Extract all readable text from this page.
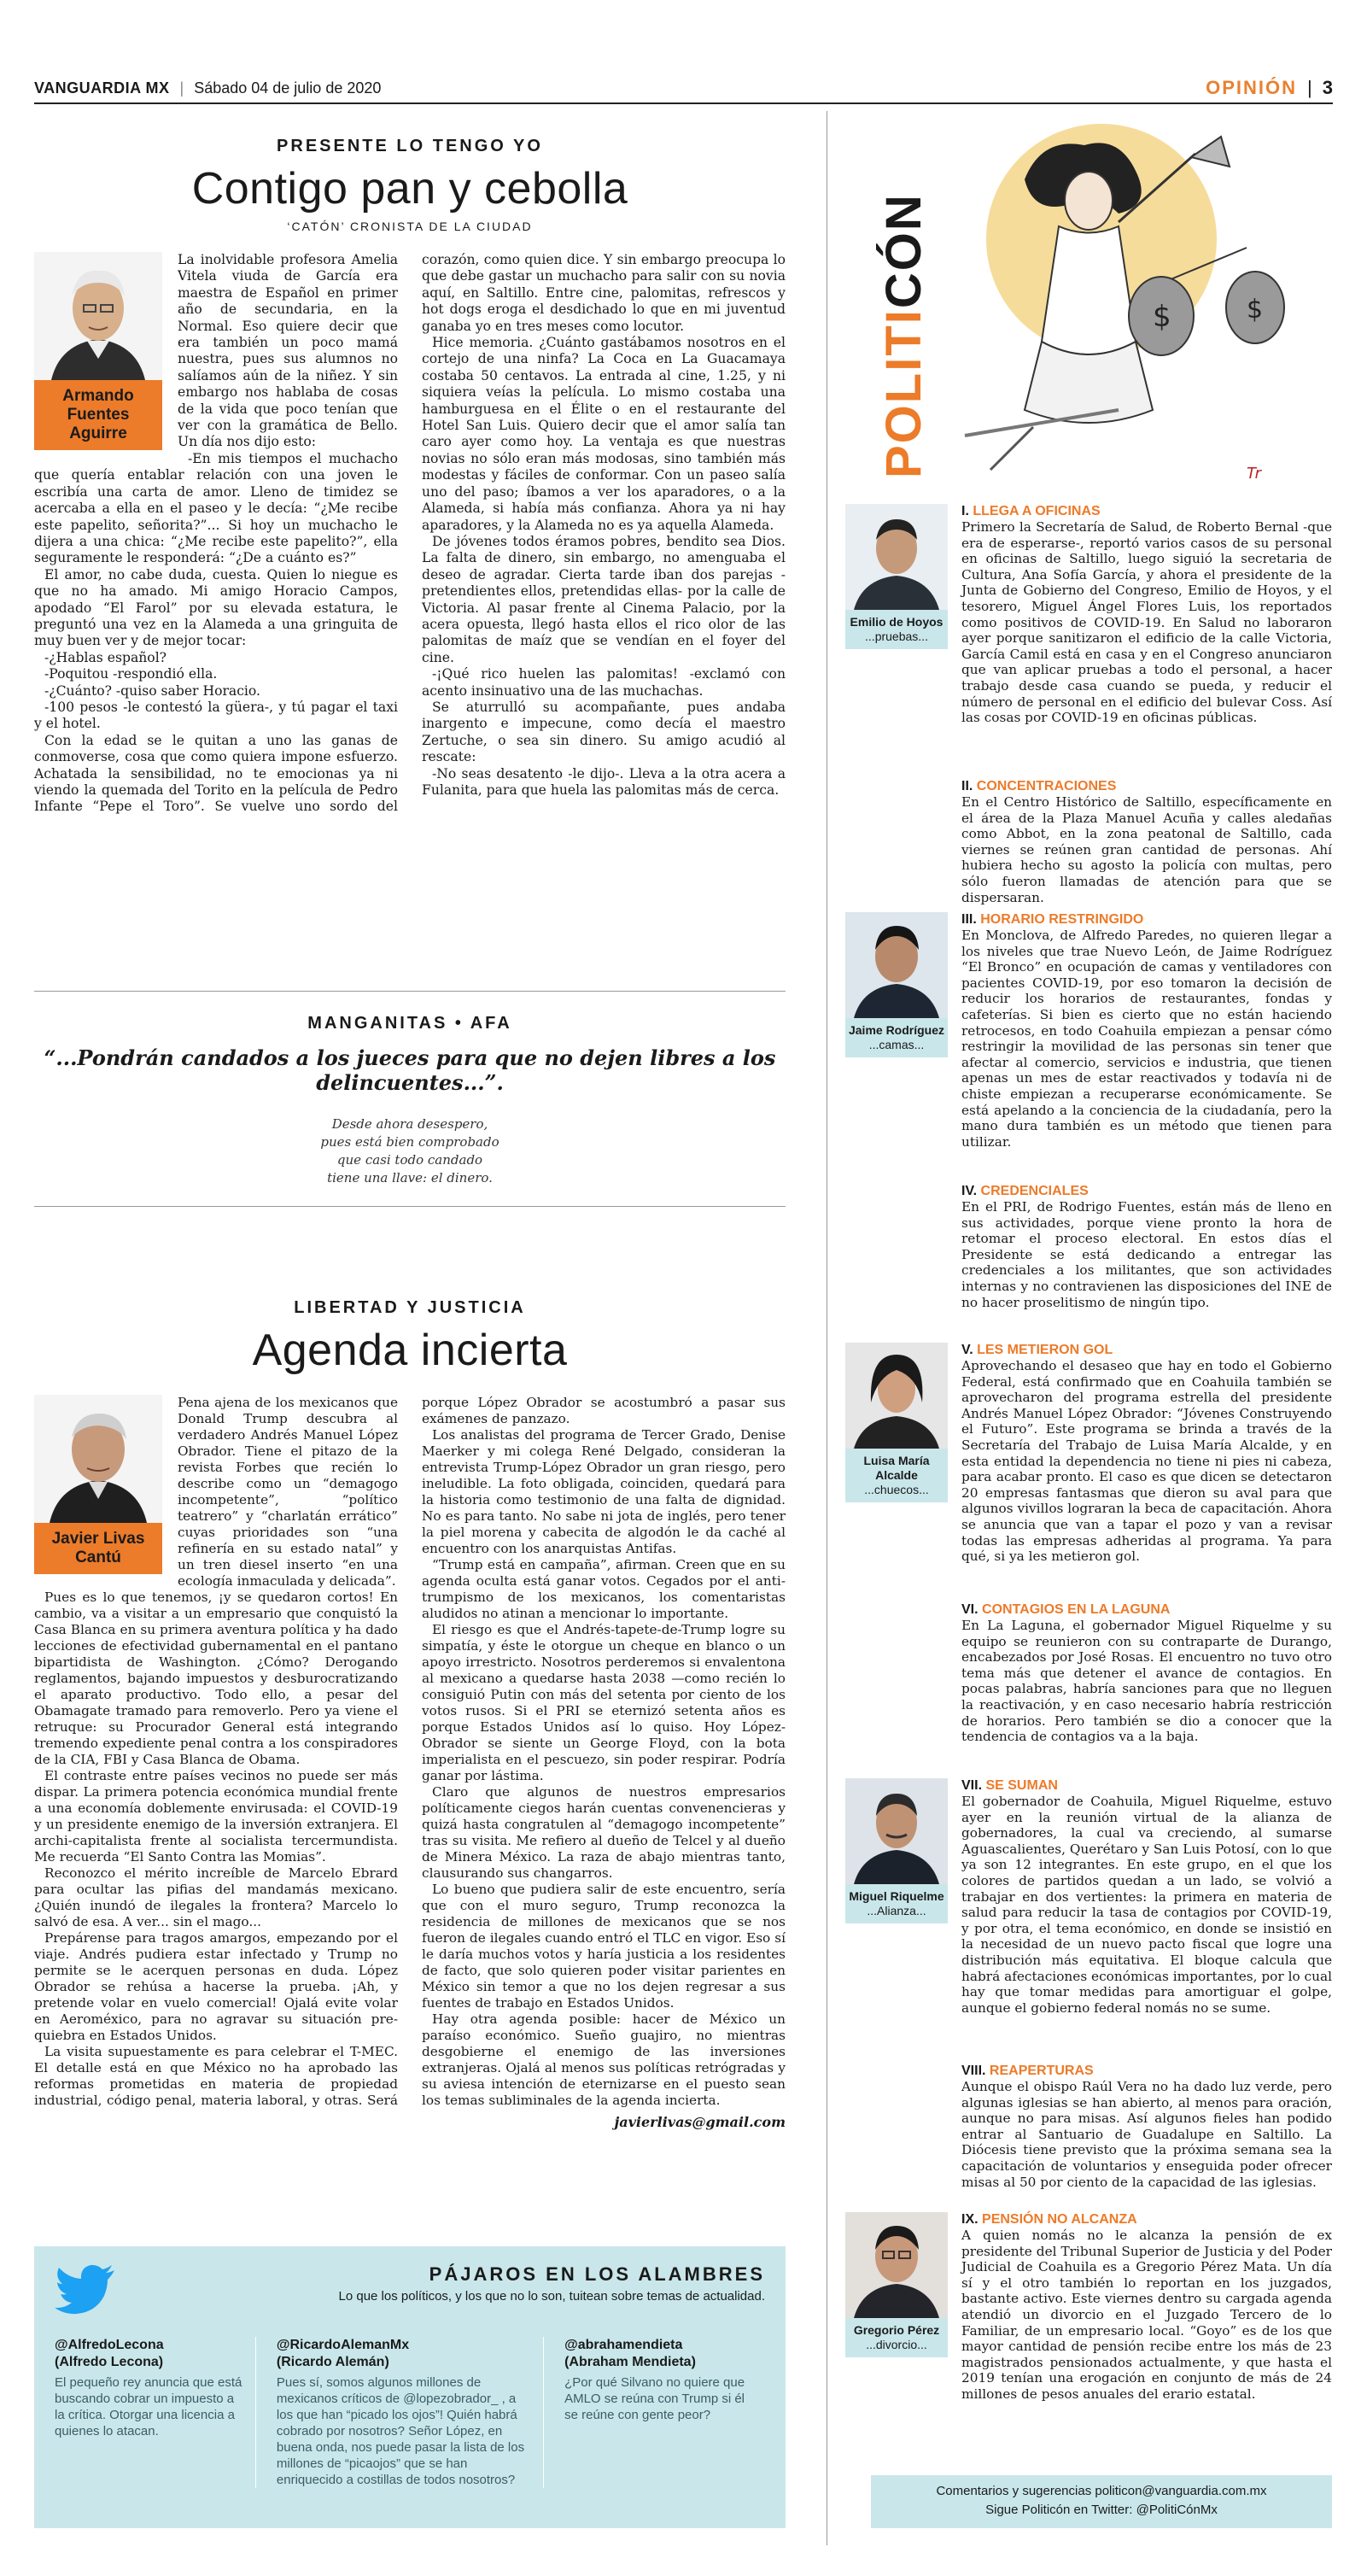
VANGUARDIA MX | Sábado 04 de julio de 2020	OPINIÓN | 3
PRESENTE LO TENGO YO
Contigo pan y cebolla
‘CATÓN’ CRONISTA DE LA CIUDAD
Armando Fuentes Aguirre

La inolvidable profesora Amelia Vitela viuda de García era maestra de Español en primer año de secundaria, en la Normal. Eso quiere decir que era también un poco mamá nuestra, pues sus alumnos no salíamos aún de la niñez. Y sin embargo nos hablaba de cosas de la vida que poco tenían que ver con la gramática de Bello. Un día nos dijo esto:

-En mis tiempos el muchacho que quería entablar relación con una joven le escribía una carta de amor. Lleno de timidez se acercaba a ella en el paseo y le decía: “¿Me recibe este papelito, señorita?”... Si hoy un muchacho le dijera a una chica: “¿Me recibe este papelito?”, ella seguramente le responderá: “¿De a cuánto es?”

El amor, no cabe duda, cuesta. Quien lo niegue es que no ha amado. Mi amigo Horacio Campos, apodado “El Farol” por su elevada estatura, le preguntó una vez en la Alameda a una gringuita de muy buen ver y de mejor tocar:

-¿Hablas español?

-Poquitou -respondió ella.

-¿Cuánto? -quiso saber Horacio.

-100 pesos -le contestó la güera-, y tú pagar el taxi y el hotel.

Con la edad se le quitan a uno las ganas de conmoverse, cosa que como quiera impone esfuerzo. Achatada la sensibilidad, no te emocionas ya ni viendo la quemada del Torito en la película de Pedro Infante “Pepe el Toro”. Se vuelve uno sordo del corazón, como quien dice. Y sin embargo preocupa lo que debe gastar un muchacho para salir con su novia aquí, en Saltillo. Entre cine, palomitas, refrescos y hot dogs eroga el desdichado lo que en mi juventud ganaba yo en tres meses como locutor.

Hice memoria. ¿Cuánto gastábamos nosotros en el cortejo de una ninfa? La Coca en La Guacamaya costaba 50 centavos. La entrada al cine, 1.25, y ni siquiera veías la película. Lo mismo costaba una hamburguesa en el Élite o en el restaurante del Hotel San Luis. Quiero decir que el amor salía tan caro ayer como hoy. La ventaja es que nuestras novias no sólo eran más modosas, sino también más modestas y fáciles de conformar. Con un paseo salía uno del paso; íbamos a ver los aparadores, o a la Alameda, si había más confianza. Ahora ya ni hay aparadores, y la Alameda no es ya aquella Alameda.

De jóvenes todos éramos pobres, bendito sea Dios. La falta de dinero, sin embargo, no amenguaba el deseo de agradar. Cierta tarde iban dos parejas -pretendientes ellos, pretendidas ellas- por la calle de Victoria. Al pasar frente al Cinema Palacio, por la acera opuesta, llegó hasta ellos el rico olor de las palomitas de maíz que se vendían en el foyer del cine.

-¡Qué rico huelen las palomitas! -exclamó con acento insinuativo una de las muchachas.

Se aturrulló su acompañante, pues andaba inargento e impecune, como decía el maestro Zertuche, o sea sin dinero. Su amigo acudió al rescate:

-No seas desatento -le dijo-. Lleva a la otra acera a Fulanita, para que huela las palomitas más de cerca.

MANGANITAS • AFA
“...Pondrán candados a los jueces para que no dejen libres a los delincuentes...”.
Desde ahora desespero,
pues está bien comprobado
que casi todo candado
tiene una llave: el dinero.
LIBERTAD Y JUSTICIA
Agenda incierta
Javier Livas Cantú

Pena ajena de los mexicanos que Donald Trump descubra al verdadero Andrés Manuel López Obrador. Tiene el pitazo de la revista Forbes que recién lo describe como un “demagogo incompetente”, “político teatrero” y “charlatán errático” cuyas prioridades son “una refinería en su estado natal” y un tren diesel inserto “en una ecología inmaculada y delicada”.

Pues es lo que tenemos, ¡y se quedaron cortos! En cambio, va a visitar a un empresario que conquistó la Casa Blanca en su primera aventura política y ha dado lecciones de efectividad gubernamental en el pantano bipartidista de Washington. ¿Cómo? Derogando reglamentos, bajando impuestos y desburocratizando el aparato productivo. Todo ello, a pesar del Obamagate tramado para removerlo. Pero ya viene el retruque: su Procurador General está integrando tremendo expediente penal contra a los conspiradores de la CIA, FBI y Casa Blanca de Obama.

El contraste entre países vecinos no puede ser más dispar. La primera potencia económica mundial frente a una economía doblemente envirusada: el COVID-19 y un presidente enemigo de la inversión extranjera. El archi-capitalista frente al socialista tercermundista. Me recuerda “El Santo Contra las Momias”.

Reconozco el mérito increíble de Marcelo Ebrard para ocultar las pifias del mandamás mexicano. ¿Quién inundó de ilegales la frontera? Marcelo lo salvó de esa. A ver... sin el mago...

Prepárense para tragos amargos, empezando por el viaje. Andrés pudiera estar infectado y Trump no permite se le acerquen personas en duda. López Obrador se rehúsa a hacerse la prueba. ¡Ah, y pretende volar en vuelo comercial! Ojalá evite volar en Aeroméxico, para no agravar su situación pre-quiebra en Estados Unidos.

La visita supuestamente es para celebrar el T-MEC. El detalle está en que México no ha aprobado las reformas prometidas en materia de propiedad industrial, código penal, materia laboral, y otras. Será porque López Obrador se acostumbró a pasar sus exámenes de panzazo.

Los analistas del programa de Tercer Grado, Denise Maerker y mi colega René Delgado, consideran la entrevista Trump-López Obrador un gran riesgo, pero ineludible. La foto obligada, coinciden, quedará para la historia como testimonio de una falta de dignidad. No es para tanto. No sabe ni jota de inglés, pero tener la piel morena y cabecita de algodón le da caché al encuentro con los anarquistas Antifas.

“Trump está en campaña”, afirman. Creen que en su agenda oculta está ganar votos. Cegados por el anti-trumpismo de los mexicanos, los comentaristas aludidos no atinan a mencionar lo importante.

El riesgo es que el Andrés-tapete-de-Trump logre su simpatía, y éste le otorgue un cheque en blanco o un apoyo irrestricto. Nosotros perderemos si envalentona al mexicano a quedarse hasta 2038 —como recién lo consiguió Putin con más del setenta por ciento de los votos rusos. Si el PRI se eternizó setenta años es porque Estados Unidos así lo quiso. Hoy López-Obrador se siente un George Floyd, con la bota imperialista en el pescuezo, sin poder respirar. Podría ganar por lástima.

Claro que algunos de nuestros empresarios políticamente ciegos harán cuentas convenencieras y quizá hasta congratulen al “demagogo incompetente” tras su visita. Me refiero al dueño de Telcel y al dueño de Minera México. La raza de abajo mientras tanto, clausurando sus changarros.

Lo bueno que pudiera salir de este encuentro, sería que con el muro seguro, Trump reconozca la residencia de millones de mexicanos que se nos fueron de ilegales cuando entró el TLC en vigor. Eso sí le daría muchos votos y haría justicia a los residentes de facto, que solo quieren poder visitar parientes en México sin temor a que no los dejen regresar a sus fuentes de trabajo en Estados Unidos.

Hay otra agenda posible: hacer de México un paraíso económico. Sueño guajiro, no mientras desgobierne el enemigo de las inversiones extranjeras. Ojalá al menos sus políticas retrógradas y su aviesa intención de eternizarse en el puesto sean los temas subliminales de la agenda incierta.

javierlivas@gmail.com
PÁJAROS EN LOS ALAMBRES
Lo que los políticos, y los que no lo son, tuitean sobre temas de actualidad.
@AlfredoLecona
(Alfredo Lecona)
El pequeño rey anuncia que está buscando cobrar un impuesto a la crítica. Otorgar una licencia a quienes lo atacan.
@RicardoAlemanMx
(Ricardo Alemán)
Pues sí, somos algunos millones de mexicanos críticos de @lopezobrador_ , a los que han “picado los ojos”! Quién habrá cobrado por nosotros? Señor López, en buena onda, nos puede pasar la lista de los millones de “picaojos” que se han enriquecido a costillas de todos nosotros?
@abrahamendieta
(Abraham Mendieta)
¿Por qué Silvano no quiere que AMLO se reúna con Trump si él se reúne con gente peor?
POLITICÓN
$	$
Tr
Emilio de Hoyos
...pruebas...
I. LLEGA A OFICINAS
Primero la Secretaría de Salud, de Roberto Bernal -que era de esperarse-, reportó varios casos de su personal en oficinas de Saltillo, luego siguió la secretaria de Cultura, Ana Sofía García, y ahora el presidente de la Junta de Gobierno del Congreso, Emilio de Hoyos, y el tesorero, Miguel Ángel Flores Luis, los reportados como positivos de COVID-19. En Salud no laboraron ayer porque sanitizaron el edificio de la calle Victoria, García Camil está en casa y en el Congreso anunciaron que van aplicar pruebas a todo el personal, a hacer trabajo desde casa cuando se pueda, y reducir el número de personal en el edificio del bulevar Coss. Así las cosas por COVID-19 en oficinas públicas.
II. CONCENTRACIONES
En el Centro Histórico de Saltillo, específicamente en el área de la Plaza Manuel Acuña y calles aledañas como Abbot, en la zona peatonal de Saltillo, cada viernes se reúnen gran cantidad de personas. Ahí hubiera hecho su agosto la policía con multas, pero sólo fueron llamadas de atención para que se dispersaran.
Jaime Rodríguez
...camas...
III. HORARIO RESTRINGIDO
En Monclova, de Alfredo Paredes, no quieren llegar a los niveles que trae Nuevo León, de Jaime Rodríguez “El Bronco” en ocupación de camas y ventiladores con pacientes COVID-19, por eso tomaron la decisión de reducir los horarios de restaurantes, fondas y cafeterías. Si bien es cierto que no están haciendo retrocesos, en todo Coahuila empiezan a pensar cómo restringir la movilidad de las personas sin tener que afectar al comercio, servicios e industria, que tienen apenas un mes de estar reactivados y todavía ni de chiste empiezan a recuperarse económicamente. Se está apelando a la conciencia de la ciudadanía, pero la mano dura también es un método que tienen para utilizar.
IV. CREDENCIALES
En el PRI, de Rodrigo Fuentes, están más de lleno en sus actividades, porque viene pronto la hora de retomar el proceso electoral. En estos días el Presidente se está dedicando a entregar las credenciales a los militantes, que son actividades internas y no contravienen las disposiciones del INE de no hacer proselitismo de ningún tipo.
Luisa María Alcalde
...chuecos...
V. LES METIERON GOL
Aprovechando el desaseo que hay en todo el Gobierno Federal, está confirmado que en Coahuila también se aprovecharon del programa estrella del presidente Andrés Manuel López Obrador: “Jóvenes Construyendo el Futuro”. Este programa se brinda a través de la Secretaría del Trabajo de Luisa María Alcalde, y en esta entidad la dependencia no tiene ni pies ni cabeza, para acabar pronto. El caso es que dicen se detectaron 20 empresas fantasmas que dieron su aval para que algunos vivillos lograran la beca de capacitación. Ahora se anuncia que van a tapar el pozo y van a revisar todas las empresas adheridas al programa. Ya para qué, si ya les metieron gol.
VI. CONTAGIOS EN LA LAGUNA
En La Laguna, el gobernador Miguel Riquelme y su equipo se reunieron con su contraparte de Durango, encabezados por José Rosas. El encuentro no tuvo otro tema más que detener el avance de contagios. En pocas palabras, habría sanciones para que no lleguen la reactivación, y en caso necesario habría restricción de horarios. Pero también se dio a conocer que la tendencia de contagios va a la baja.
Miguel Riquelme
...Alianza...
VII. SE SUMAN
El gobernador de Coahuila, Miguel Riquelme, estuvo ayer en la reunión virtual de la alianza de gobernadores, la cual va creciendo, al sumarse Aguascalientes, Querétaro y San Luis Potosí, con lo que ya son 12 integrantes. En este grupo, en el que los colores de partidos quedan a un lado, se volvió a trabajar en dos vertientes: la primera en materia de salud para reducir la tasa de contagios por COVID-19, y por otra, el tema económico, en donde se insistió en la necesidad de un nuevo pacto fiscal que logre una distribución más equitativa. El bloque calcula que habrá afectaciones económicas importantes, por lo cual hay que tomar medidas para amortiguar el golpe, aunque el gobierno federal nomás no se sume.
VIII. REAPERTURAS
Aunque el obispo Raúl Vera no ha dado luz verde, pero algunas iglesias se han abierto, al menos para oración, aunque no para misas. Así algunos fieles han podido entrar al Santuario de Guadalupe en Saltillo. La Diócesis tiene previsto que la próxima semana sea la capacitación de voluntarios y enseguida poder ofrecer misas al 50 por ciento de la capacidad de las iglesias.
Gregorio Pérez
...divorcio...
IX. PENSIÓN NO ALCANZA
A quien nomás no le alcanza la pensión de ex presidente del Tribunal Superior de Justicia y del Poder Judicial de Coahuila es a Gregorio Pérez Mata. Un día sí y el otro también lo reportan en los juzgados, bastante activo. Este viernes dentro su cargada agenda atendió un divorcio en el Juzgado Tercero de lo Familiar, de un empresario local. “Goyo” es de los que mayor cantidad de pensión recibe entre los más de 23 magistrados pensionados actualmente, y que hasta el 2019 tenían una erogación en conjunto de más de 24 millones de pesos anuales del erario estatal.
Comentarios y sugerencias politicon@vanguardia.com.mx
Sigue Politicón en Twitter: @PolitiCónMx
